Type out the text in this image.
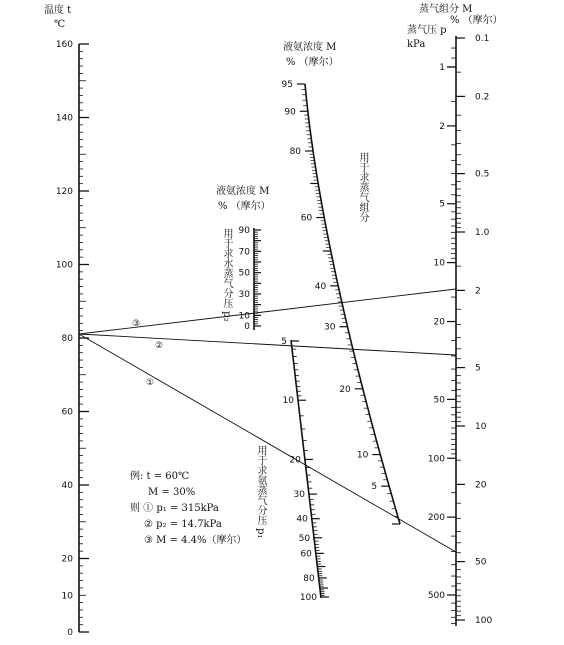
160
140
120
100
80
60
40
20
10
0
90
70
50
30
10
0
5
10
20
30
40
50
60
80
100
95
90
80
60
40
30
20
10
5
1
2
5
10
20
50
100
200
500
0.1
0.2
0.5
1.0
2
5
10
20
50
100
①
②
③
温度 t
℃
液氨浓度 M
% （摩尔）
液氨浓度 M
% （摩尔）
蒸气组分 M
% （摩尔）
蒸气压 p
kPa
用于求水蒸气分压 p₂
用于求氨蒸气分压 p₁
用于求蒸气组分
例: t = 60℃
M = 30%
则 ① p₁ = 315kPa
② p₂ = 14.7kPa
③ M = 4.4%（摩尔）
